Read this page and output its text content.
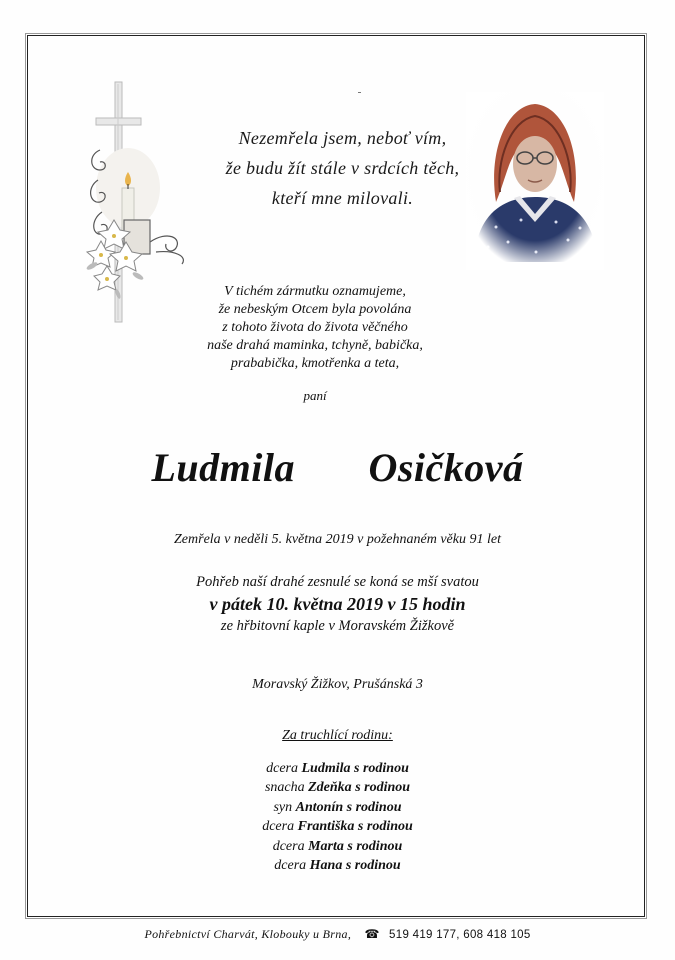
Nezemřela jsem, neboť vím,
že budu žít stále v srdcích těch,
kteří mne milovali.
V tichém zármutku oznamujeme,
že nebeským Otcem byla povolána
z tohoto života do života věčného
naše drahá maminka, tchyně, babička,
prababička, kmotřenka a teta,
paní
Ludmila   Osičková
Zemřela v neděli 5. května 2019 v požehnaném věku 91 let
Pohřeb naší drahé zesnulé se koná se mší svatou
v pátek 10. května 2019 v 15 hodin
ze hřbitovní kaple v Moravském Žižkově
Moravský Žižkov, Prušánská 3
Za truchlící rodinu:
dcera Ludmila s rodinou
snacha Zdeňka s rodinou
syn Antonín s rodinou
dcera Františka s rodinou
dcera Marta s rodinou
dcera Hana s rodinou
Pohřebnictví Charvát, Klobouky u Brna, ☎ 519 419 177, 608 418 105
